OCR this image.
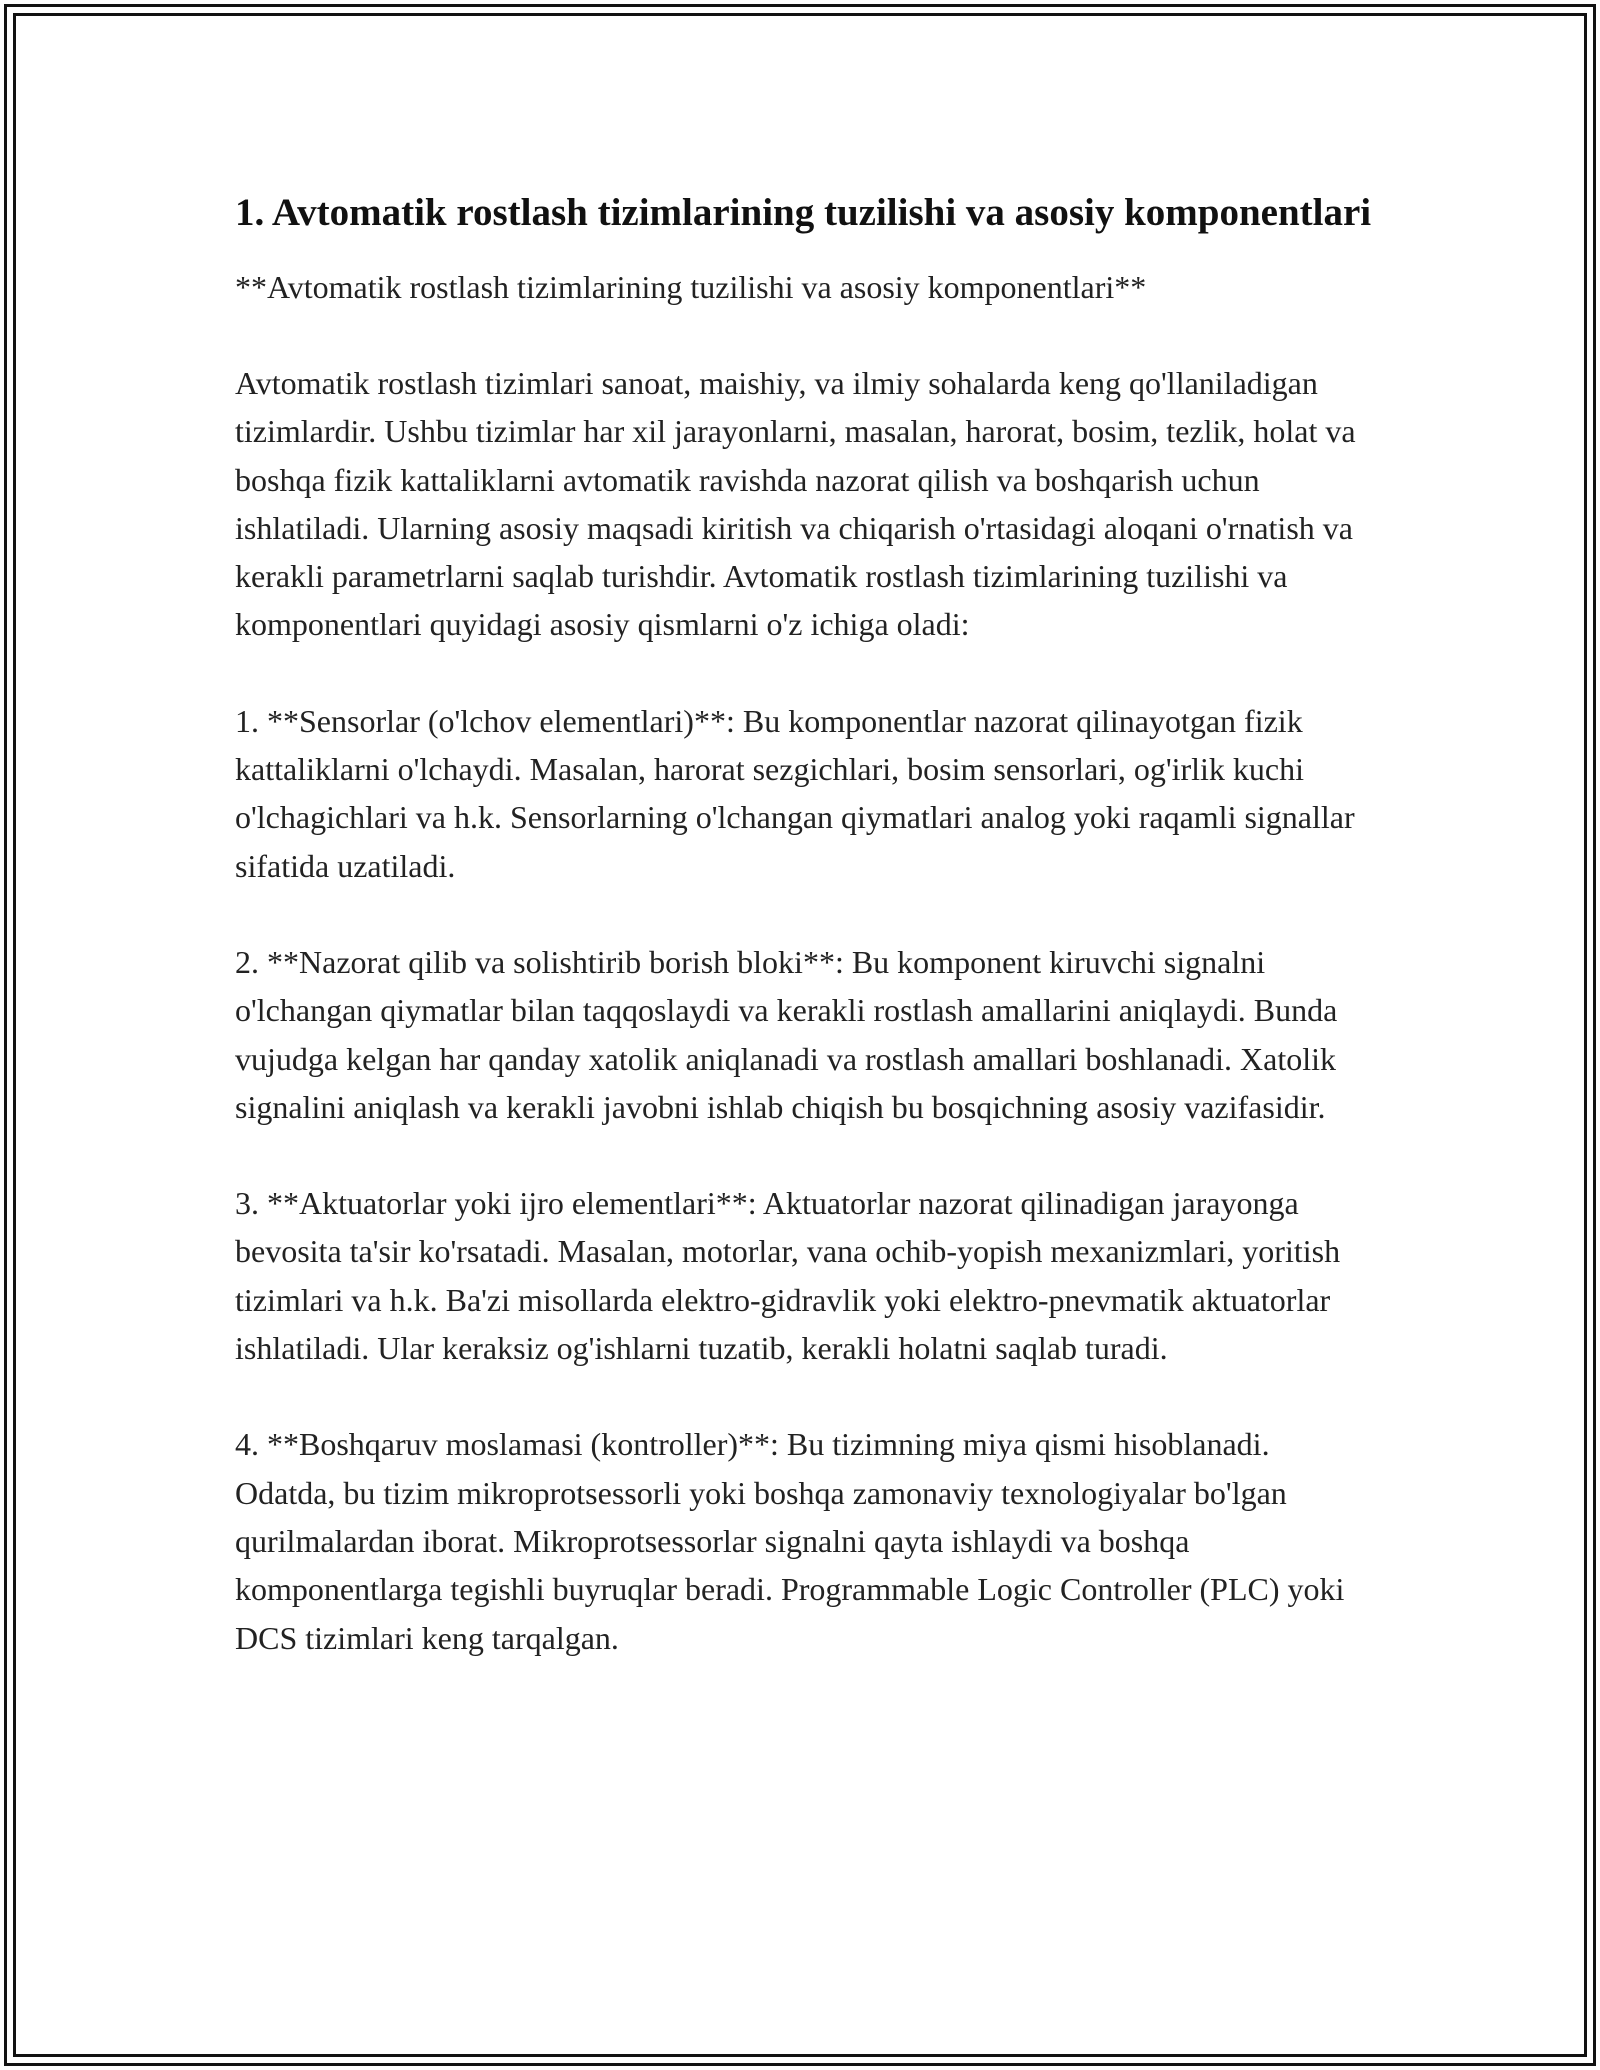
1. Avtomatik rostlash tizimlarining tuzilishi va asosiy komponentlari

**Avtomatik rostlash tizimlarining tuzilishi va asosiy komponentlari**

Avtomatik rostlash tizimlari sanoat, maishiy, va ilmiy sohalarda keng qo'llaniladigan tizimlardir. Ushbu tizimlar har xil jarayonlarni, masalan, harorat, bosim, tezlik, holat va boshqa fizik kattaliklarni avtomatik ravishda nazorat qilish va boshqarish uchun ishlatiladi. Ularning asosiy maqsadi kiritish va chiqarish o'rtasidagi aloqani o'rnatish va kerakli parametrlarni saqlab turishdir. Avtomatik rostlash tizimlarining tuzilishi va komponentlari quyidagi asosiy qismlarni o'z ichiga oladi:

1. **Sensorlar (o'lchov elementlari)**: Bu komponentlar nazorat qilinayotgan fizik kattaliklarni o'lchaydi. Masalan, harorat sezgichlari, bosim sensorlari, og'irlik kuchi o'lchagichlari va h.k. Sensorlarning o'lchangan qiymatlari analog yoki raqamli signallar sifatida uzatiladi.

2. **Nazorat qilib va solishtirib borish bloki**: Bu komponent kiruvchi signalni o'lchangan qiymatlar bilan taqqoslaydi va kerakli rostlash amallarini aniqlaydi. Bunda vujudga kelgan har qanday xatolik aniqlanadi va rostlash amallari boshlanadi. Xatolik signalini aniqlash va kerakli javobni ishlab chiqish bu bosqichning asosiy vazifasidir.

3. **Aktuatorlar yoki ijro elementlari**: Aktuatorlar nazorat qilinadigan jarayonga bevosita ta'sir ko'rsatadi. Masalan, motorlar, vana ochib-yopish mexanizmlari, yoritish tizimlari va h.k. Ba'zi misollarda elektro-gidravlik yoki elektro-pnevmatik aktuatorlar ishlatiladi. Ular keraksiz og'ishlarni tuzatib, kerakli holatni saqlab turadi.

4. **Boshqaruv moslamasi (kontroller)**: Bu tizimning miya qismi hisoblanadi. Odatda, bu tizim mikroprotsessorli yoki boshqa zamonaviy texnologiyalar bo'lgan qurilmalardan iborat. Mikroprotsessorlar signalni qayta ishlaydi va boshqa komponentlarga tegishli buyruqlar beradi. Programmable Logic Controller (PLC) yoki DCS tizimlari keng tarqalgan.
